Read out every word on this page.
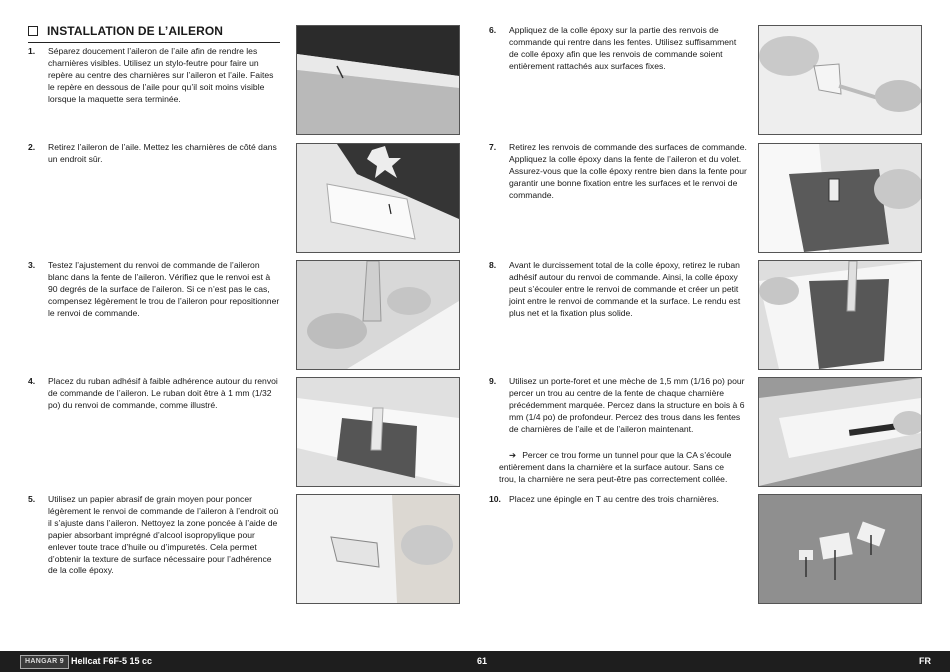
INSTALLATION DE L’AILERON
1. Séparez doucement l’aileron de l’aile afin de rendre les charnières visibles. Utilisez un stylo-feutre pour faire un repère au centre des charnières sur l’aileron et l’aile. Faites le repère en dessous de l’aile pour qu’il soit moins visible lorsque la maquette sera terminée.
2. Retirez l’aileron de l’aile. Mettez les charnières de côté dans un endroit sûr.
3. Testez l’ajustement du renvoi de commande de l’aileron blanc dans la fente de l’aileron. Vérifiez que le renvoi est à 90 degrés de la surface de l’aileron. Si ce n’est pas le cas, compensez légèrement le trou de l’aileron pour repositionner le renvoi de commande.
4. Placez du ruban adhésif à faible adhérence autour du renvoi de commande de l’aileron. Le ruban doit être à 1 mm (1/32 po) du renvoi de commande, comme illustré.
5. Utilisez un papier abrasif de grain moyen pour poncer légèrement le renvoi de commande de l’aileron à l’endroit où il s’ajuste dans l’aileron. Nettoyez la zone poncée à l’aide de papier absorbant imprégné d’alcool isopropylique pour enlever toute trace d’huile ou d’impuretés. Cela permet d’obtenir la texture de surface nécessaire pour l’adhérence de la colle époxy.
6. Appliquez de la colle époxy sur la partie des renvois de commande qui rentre dans les fentes. Utilisez suffisamment de colle époxy afin que les renvois de commande soient entièrement rattachés aux surfaces fixes.
7. Retirez les renvois de commande des surfaces de commande. Appliquez la colle époxy dans la fente de l’aileron et du volet. Assurez-vous que la colle époxy rentre bien dans la fente pour garantir une bonne fixation entre les surfaces et le renvoi de commande.
8. Avant le durcissement total de la colle époxy, retirez le ruban adhésif autour du renvoi de commande. Ainsi, la colle époxy peut s’écouler entre le renvoi de commande et créer un petit joint entre le renvoi de commande et la surface. Le rendu est plus net et la fixation plus solide.
9. Utilisez un porte-foret et une mèche de 1,5 mm (1/16 po) pour percer un trou au centre de la fente de chaque charnière précédemment marquée. Percez dans la structure en bois à 6 mm (1/4 po) de profondeur. Percez des trous dans les fentes de charnières de l’aile et de l’aileron maintenant.
➔ Percer ce trou forme un tunnel pour que la CA s’écoule entièrement dans la charnière et la surface autour. Sans ce trou, la charnière ne sera peut-être pas correctement collée.
10. Placez une épingle en T au centre des trois charnières.
HANGAR 9 Hellcat F6F-5 15 cc	61	FR
